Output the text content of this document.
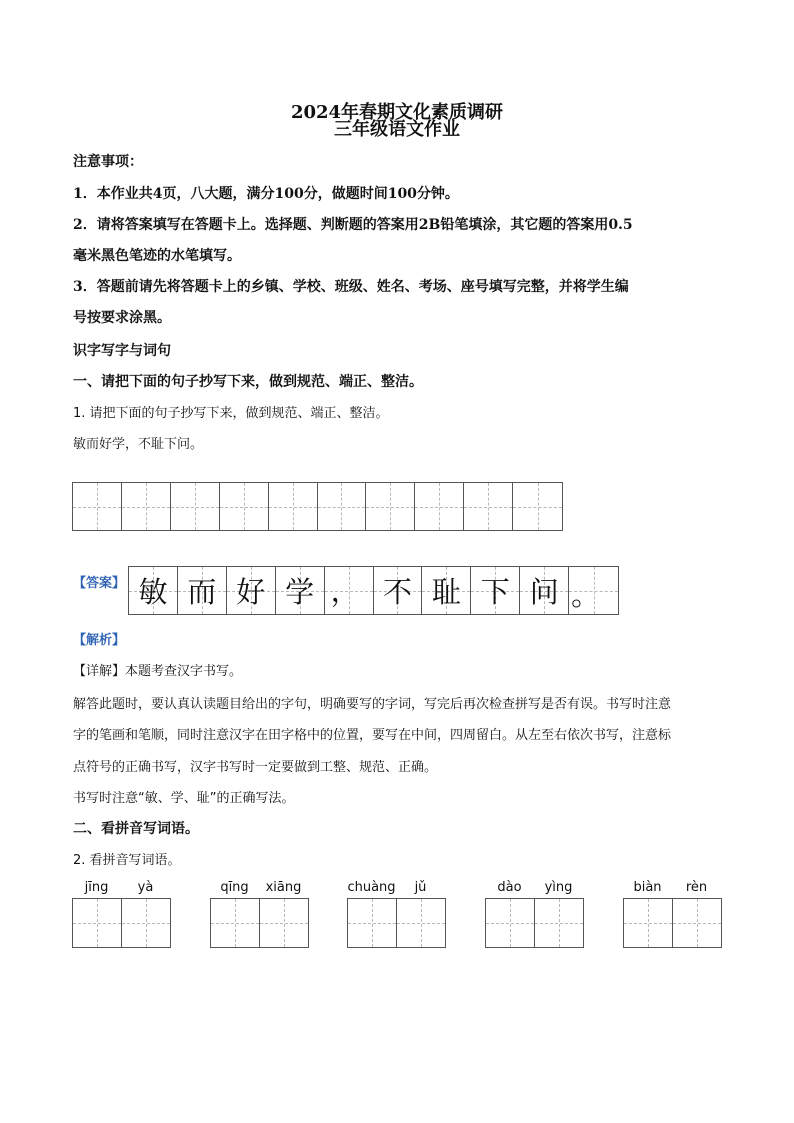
2024年春期文化素质调研
三年级语文作业
注意事项：
1．本作业共4页，八大题，满分100分，做题时间100分钟。
2．请将答案填写在答题卡上。选择题、判断题的答案用2B铅笔填涂，其它题的答案用0.5
毫米黑色笔迹的水笔填写。
3．答题前请先将答题卡上的乡镇、学校、班级、姓名、考场、座号填写完整，并将学生编
号按要求涂黑。
识字写字与词句
一、请把下面的句子抄写下来，做到规范、端正、整洁。
1. 请把下面的句子抄写下来，做到规范、端正、整洁。
敏而好学，不耻下问。
【答案】 敏 而 好 学 ， 不 耻 下 问 。
【解析】
【详解】本题考查汉字书写。
解答此题时，要认真认读题目给出的字句，明确要写的字词，写完后再次检查拼写是否有误。书写时注意
字的笔画和笔顺，同时注意汉字在田字格中的位置，要写在中间，四周留白。从左至右依次书写，注意标
点符号的正确书写，汉字书写时一定要做到工整、规范、正确。
书写时注意“敏、学、耻”的正确写法。
二、看拼音写词语。
2. 看拼音写词语。
jīng	yà	qīng	xiāng	chuàng	jǔ	dào	yìng	biàn	rèn
